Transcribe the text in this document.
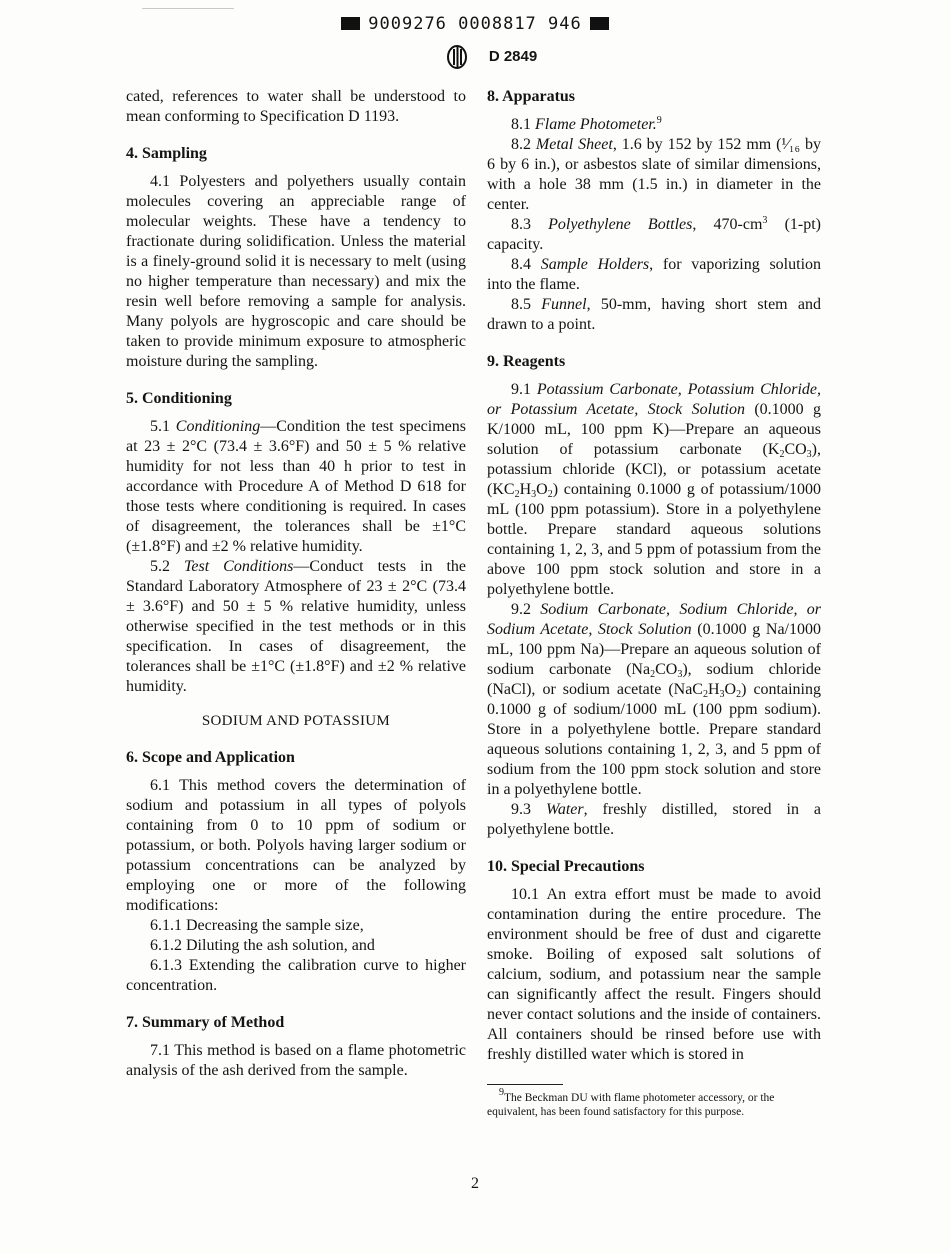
9009276 0008817 946
D 2849

cated, references to water shall be understood to mean conforming to Specification D 1193.

4. Sampling

4.1 Polyesters and polyethers usually contain molecules covering an appreciable range of molecular weights. These have a tendency to fractionate during solidification. Unless the material is a finely-ground solid it is necessary to melt (using no higher temperature than necessary) and mix the resin well before removing a sample for analysis. Many polyols are hygroscopic and care should be taken to provide minimum exposure to atmospheric moisture during the sampling.

5. Conditioning

5.1 Conditioning—Condition the test specimens at 23 ± 2°C (73.4 ± 3.6°F) and 50 ± 5 % relative humidity for not less than 40 h prior to test in accordance with Procedure A of Method D 618 for those tests where conditioning is required. In cases of disagreement, the tolerances shall be ±1°C (±1.8°F) and ±2 % relative humidity.

5.2 Test Conditions—Conduct tests in the Standard Laboratory Atmosphere of 23 ± 2°C (73.4 ± 3.6°F) and 50 ± 5 % relative humidity, unless otherwise specified in the test methods or in this specification. In cases of disagreement, the tolerances shall be ±1°C (±1.8°F) and ±2 % relative humidity.

SODIUM AND POTASSIUM
6. Scope and Application

6.1 This method covers the determination of sodium and potassium in all types of polyols containing from 0 to 10 ppm of sodium or potassium, or both. Polyols having larger sodium or potassium concentrations can be analyzed by employing one or more of the following modifications:

6.1.1 Decreasing the sample size,

6.1.2 Diluting the ash solution, and

6.1.3 Extending the calibration curve to higher concentration.

7. Summary of Method

7.1 This method is based on a flame photometric analysis of the ash derived from the sample.

8. Apparatus

8.1 Flame Photometer.$^9$

8.2 Metal Sheet, 1.6 by 152 by 152 mm (¹⁄₁₆ by 6 by 6 in.), or asbestos slate of similar dimensions, with a hole 38 mm (1.5 in.) in diameter in the center.

8.3 Polyethylene Bottles, $470-cm^3$ (1-pt) capacity.

8.4 Sample Holders, for vaporizing solution into the flame.

8.5 Funnel, 50-mm, having short stem and drawn to a point.

9. Reagents

9.1 Potassium Carbonate, Potassium Chloride, or Potassium Acetate, Stock Solution (0.1000 g K/1000 mL, 100 ppm K)—Prepare an aqueous solution of potassium carbonate $(K_2CO_3)$, potassium chloride (KCl), or potassium acetate $(KC_2H_3O_2)$ containing 0.1000 g of potassium/1000 mL (100 ppm potassium). Store in a polyethylene bottle. Prepare standard aqueous solutions containing 1, 2, 3, and 5 ppm of potassium from the above 100 ppm stock solution and store in a polyethylene bottle.

9.2 Sodium Carbonate, Sodium Chloride, or Sodium Acetate, Stock Solution (0.1000 g Na/1000 mL, 100 ppm Na)—Prepare an aqueous solution of sodium carbonate $(Na_2CO_3)$, sodium chloride (NaCl), or sodium acetate $(NaC_2H_3O_2)$ containing 0.1000 g of sodium/1000 mL (100 ppm sodium). Store in a polyethylene bottle. Prepare standard aqueous solutions containing 1, 2, 3, and 5 ppm of sodium from the 100 ppm stock solution and store in a polyethylene bottle.

9.3 Water, freshly distilled, stored in a polyethylene bottle.

10. Special Precautions

10.1 An extra effort must be made to avoid contamination during the entire procedure. The environment should be free of dust and cigarette smoke. Boiling of exposed salt solutions of calcium, sodium, and potassium near the sample can significantly affect the result. Fingers should never contact solutions and the inside of containers. All containers should be rinsed before use with freshly distilled water which is stored in

$^9$The Beckman DU with flame photometer accessory, or the equivalent, has been found satisfactory for this purpose.
2
